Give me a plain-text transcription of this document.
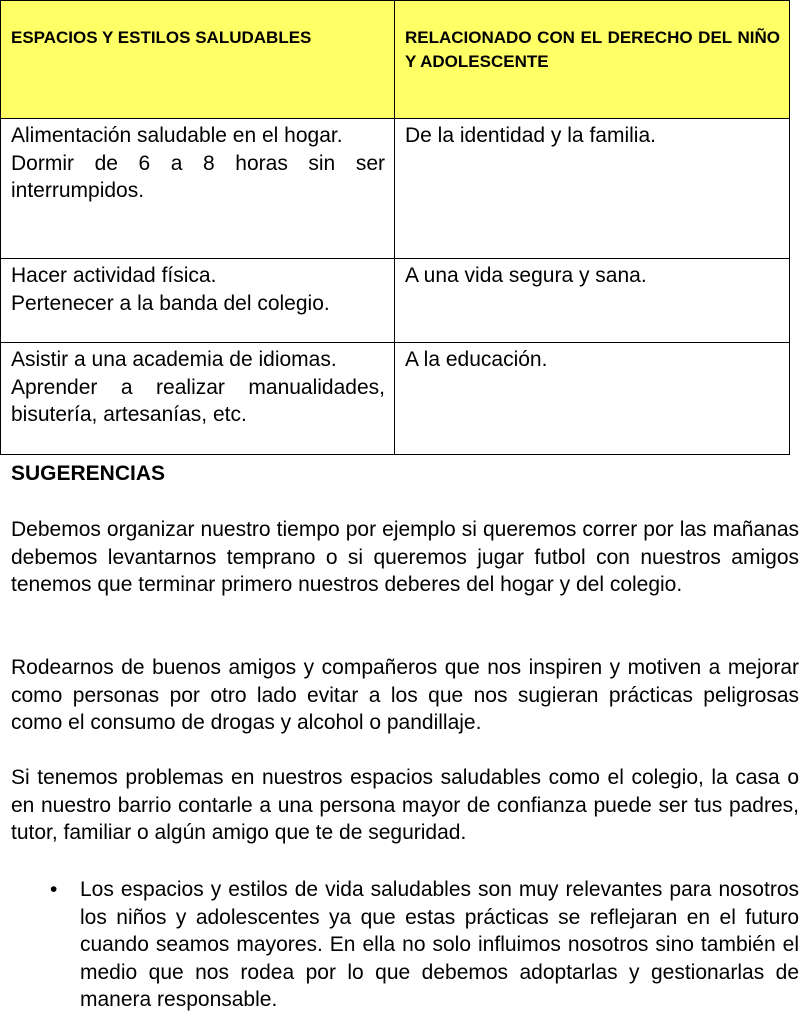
ESPACIOS Y ESTILOS SALUDABLES	RELACIONADO CON EL DERECHO DEL NIÑO Y ADOLESCENTE

Alimentación saludable en el hogar.
Dormir de 6 a 8 horas sin ser interrumpidos.	De la identidad y la familia.

Hacer actividad física.
Pertenecer a la banda del colegio.	A una vida segura y sana.

Asistir a una academia de idiomas.
Aprender a realizar manualidades, bisutería, artesanías, etc.	A la educación.
SUGERENCIAS

Debemos organizar nuestro tiempo por ejemplo si queremos correr por las mañanas debemos levantarnos temprano o si queremos jugar futbol con nuestros amigos tenemos que terminar primero nuestros deberes del hogar y del colegio.

Rodearnos de buenos amigos y compañeros que nos inspiren y motiven a mejorar como personas por otro lado evitar a los que nos sugieran prácticas peligrosas como el consumo de drogas y alcohol o pandillaje.

Si tenemos problemas en nuestros espacios saludables como el colegio, la casa o en nuestro barrio contarle a una persona mayor de confianza puede ser tus padres, tutor, familiar o algún amigo que te de seguridad.

• Los espacios y estilos de vida saludables son muy relevantes para nosotros los niños y adolescentes ya que estas prácticas se reflejaran en el futuro cuando seamos mayores. En ella no solo influimos nosotros sino también el medio que nos rodea por lo que debemos adoptarlas y gestionarlas de manera responsable.
